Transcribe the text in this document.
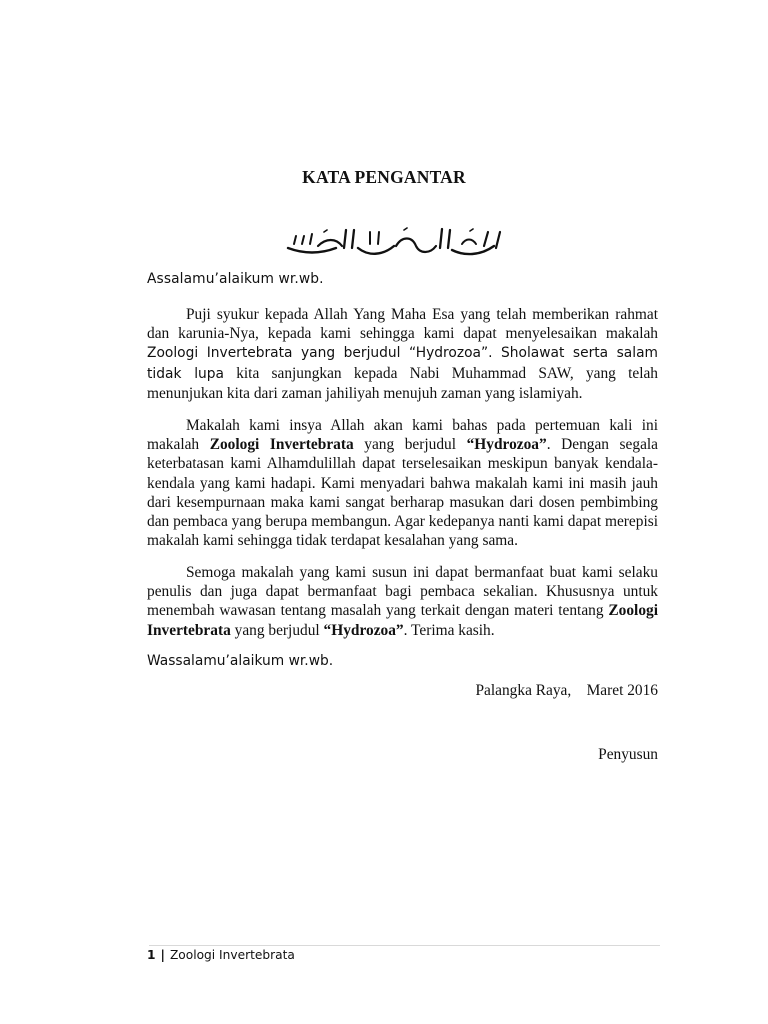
KATA PENGANTAR
بسم الله الرحمن الرحيم
Assalamu’alaikum wr.wb.

Puji syukur kepada Allah Yang Maha Esa yang telah memberikan rahmat dan karunia-Nya, kepada kami sehingga kami dapat menyelesaikan makalah Zoologi Invertebrata yang berjudul “Hydrozoa”. Sholawat serta salam tidak lupa kita sanjungkan kepada Nabi Muhammad SAW, yang telah menunjukan kita dari zaman jahiliyah menujuh zaman yang islamiyah.

Makalah kami insya Allah akan kami bahas pada pertemuan kali ini makalah Zoologi Invertebrata yang berjudul “Hydrozoa”. Dengan segala keterbatasan kami Alhamdulillah dapat terselesaikan meskipun banyak kendala-kendala yang kami hadapi. Kami menyadari bahwa makalah kami ini masih jauh dari kesempurnaan maka kami sangat berharap masukan dari dosen pembimbing dan pembaca yang berupa membangun. Agar kedepanya nanti kami dapat merepisi makalah kami sehingga tidak terdapat kesalahan yang sama.

Semoga makalah yang kami susun ini dapat bermanfaat buat kami selaku penulis dan juga dapat bermanfaat bagi pembaca sekalian. Khususnya untuk menembah wawasan tentang masalah yang terkait dengan materi tentang Zoologi Invertebrata yang berjudul “Hydrozoa”. Terima kasih.

Wassalamu’alaikum wr.wb.
Palangka Raya,    Maret 2016
Penyusun
1 | Zoologi Invertebrata
